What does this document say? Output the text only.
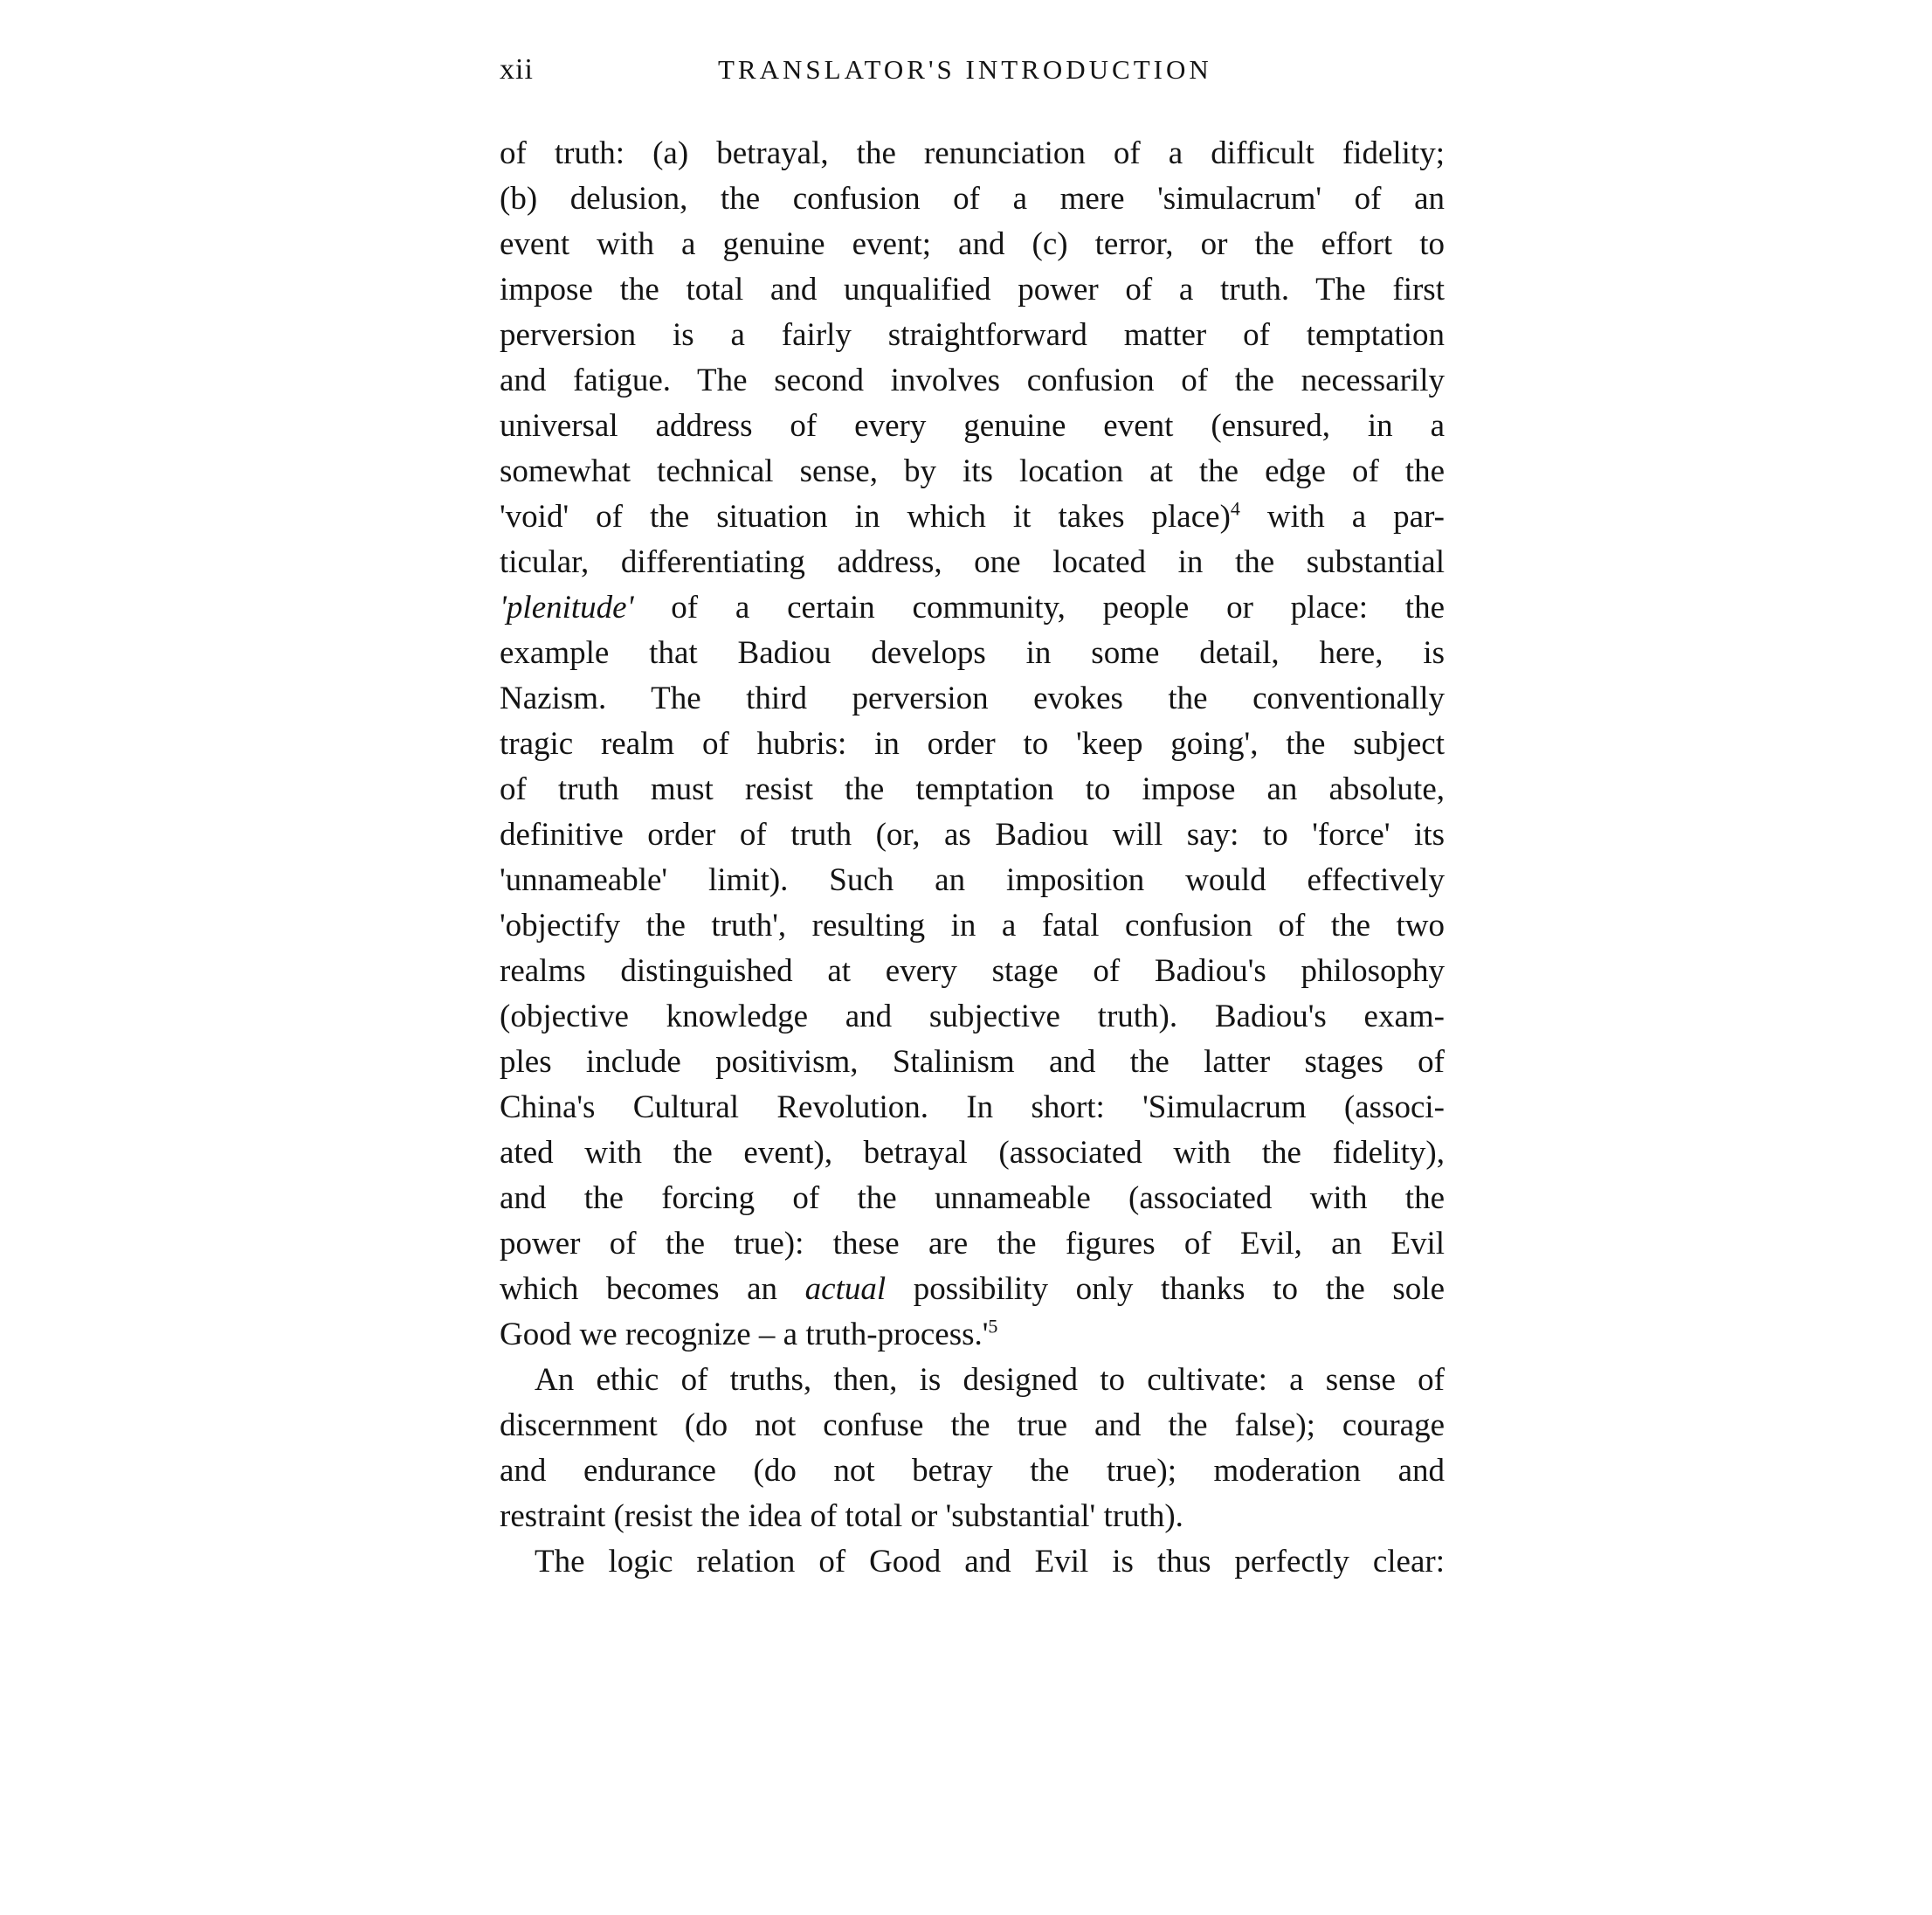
xii	TRANSLATOR'S INTRODUCTION
of truth: (a) betrayal, the renunciation of a difficult fidelity;
(b) delusion, the confusion of a mere 'simulacrum' of an
event with a genuine event; and (c) terror, or the effort to
impose the total and unqualified power of a truth. The first
perversion is a fairly straightforward matter of temptation
and fatigue. The second involves confusion of the necessarily
universal address of every genuine event (ensured, in a
somewhat technical sense, by its location at the edge of the
'void' of the situation in which it takes place)$^4$ with a par-
ticular, differentiating address, one located in the substantial
'plenitude' of a certain community, people or place: the
example that Badiou develops in some detail, here, is
Nazism. The third perversion evokes the conventionally
tragic realm of hubris: in order to 'keep going', the subject
of truth must resist the temptation to impose an absolute,
definitive order of truth (or, as Badiou will say: to 'force' its
'unnameable' limit). Such an imposition would effectively
'objectify the truth', resulting in a fatal confusion of the two
realms distinguished at every stage of Badiou's philosophy
(objective knowledge and subjective truth). Badiou's exam-
ples include positivism, Stalinism and the latter stages of
China's Cultural Revolution. In short: 'Simulacrum (associ-
ated with the event), betrayal (associated with the fidelity),
and the forcing of the unnameable (associated with the
power of the true): these are the figures of Evil, an Evil
which becomes an actual possibility only thanks to the sole
Good we recognize – a truth-process.'$^5$
An ethic of truths, then, is designed to cultivate: a sense of
discernment (do not confuse the true and the false); courage
and endurance (do not betray the true); moderation and
restraint (resist the idea of total or 'substantial' truth).
The logic relation of Good and Evil is thus perfectly clear:
